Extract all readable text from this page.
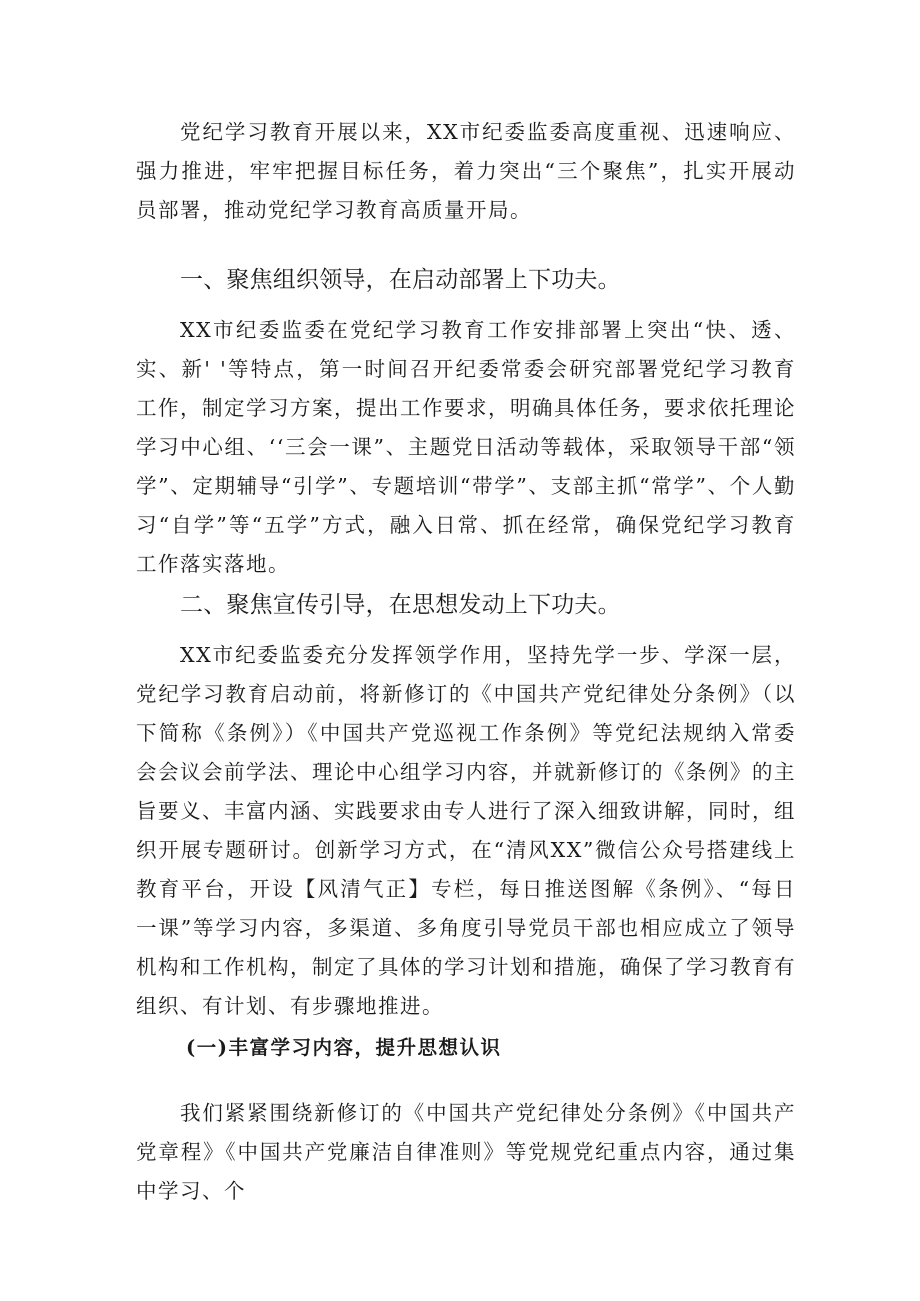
党纪学习教育开展以来，XX市纪委监委高度重视、迅速响应、强力推进，牢牢把握目标任务，着力突出“三个聚焦”，扎实开展动员部署，推动党纪学习教育高质量开局。

一、聚焦组织领导，在启动部署上下功夫。

XX市纪委监委在党纪学习教育工作安排部署上突出“快、透、实、新' '等特点，第一时间召开纪委常委会研究部署党纪学习教育工作，制定学习方案，提出工作要求，明确具体任务，要求依托理论学习中心组、‘‘三会一课”、主题党日活动等载体，采取领导干部“领学”、定期辅导“引学”、专题培训“带学”、支部主抓“常学”、个人勤习“自学”等“五学”方式，融入日常、抓在经常，确保党纪学习教育工作落实落地。

二、聚焦宣传引导，在思想发动上下功夫。

XX市纪委监委充分发挥领学作用，坚持先学一步、学深一层，党纪学习教育启动前，将新修订的《中国共产党纪律处分条例》（以下简称《条例》）《中国共产党巡视工作条例》等党纪法规纳入常委会会议会前学法、理论中心组学习内容，并就新修订的《条例》的主旨要义、丰富内涵、实践要求由专人进行了深入细致讲解，同时，组织开展专题研讨。创新学习方式，在“清风XX”微信公众号搭建线上教育平台，开设【风清气正】专栏，每日推送图解《条例》、“每日一课”等学习内容，多渠道、多角度引导党员干部也相应成立了领导机构和工作机构，制定了具体的学习计划和措施，确保了学习教育有组织、有计划、有步骤地推进。

(一)丰富学习内容，提升思想认识

我们紧紧围绕新修订的《中国共产党纪律处分条例》《中国共产党章程》《中国共产党廉洁自律准则》等党规党纪重点内容，通过集中学习、个
